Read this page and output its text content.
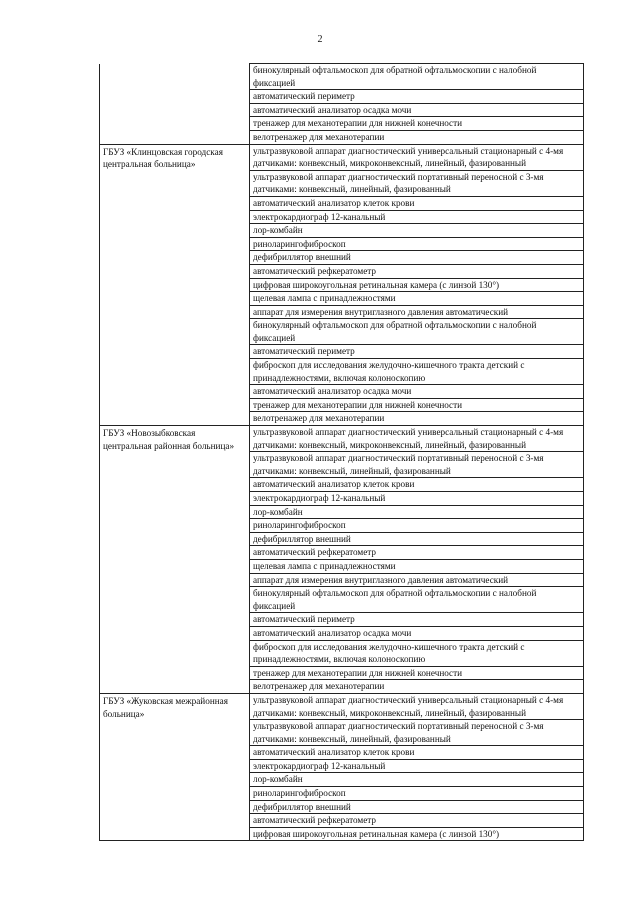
2
	бинокулярный офтальмоскоп для обратной офтальмоскопии с налобной фиксацией
	автоматический периметр
	автоматический анализатор осадка мочи
	тренажер для механотерапии для нижней конечности
	велотренажер для механотерапии
ГБУЗ «Клинцовская городская центральная больница»	ультразвуковой аппарат диагностический универсальный стационарный с 4-мя датчиками: конвексный, микроконвексный, линейный, фазированный
	ультразвуковой аппарат диагностический портативный переносной с 3-мя датчиками: конвексный, линейный, фазированный
	автоматический анализатор клеток крови
	электрокардиограф 12-канальный
	лор-комбайн
	риноларингофиброскоп
	дефибриллятор внешний
	автоматический рефкератометр
	цифровая широкоугольная ретинальная камера (с линзой 130°)
	щелевая лампа с принадлежностями
	аппарат для измерения внутриглазного давления автоматический
	бинокулярный офтальмоскоп для обратной офтальмоскопии с налобной фиксацией
	автоматический периметр
	фиброскоп для исследования желудочно-кишечного тракта детский с принадлежностями, включая колоноскопию
	автоматический анализатор осадка мочи
	тренажер для механотерапии для нижней конечности
	велотренажер для механотерапии
ГБУЗ «Новозыбковская центральная районная больница»	ультразвуковой аппарат диагностический универсальный стационарный с 4-мя датчиками: конвексный, микроконвексный, линейный, фазированный
	ультразвуковой аппарат диагностический портативный переносной с 3-мя датчиками: конвексный, линейный, фазированный
	автоматический анализатор клеток крови
	электрокардиограф 12-канальный
	лор-комбайн
	риноларингофиброскоп
	дефибриллятор внешний
	автоматический рефкератометр
	щелевая лампа с принадлежностями
	аппарат для измерения внутриглазного давления автоматический
	бинокулярный офтальмоскоп для обратной офтальмоскопии с налобной фиксацией
	автоматический периметр
	автоматический анализатор осадка мочи
	фиброскоп для исследования желудочно-кишечного тракта детский с принадлежностями, включая колоноскопию
	тренажер для механотерапии для нижней конечности
	велотренажер для механотерапии
ГБУЗ «Жуковская межрайонная больница»	ультразвуковой аппарат диагностический универсальный стационарный с 4-мя датчиками: конвексный, микроконвексный, линейный, фазированный
	ультразвуковой аппарат диагностический портативный переносной с 3-мя датчиками: конвексный, линейный, фазированный
	автоматический анализатор клеток крови
	электрокардиограф 12-канальный
	лор-комбайн
	риноларингофиброскоп
	дефибриллятор внешний
	автоматический рефкератометр
	цифровая широкоугольная ретинальная камера (с линзой 130°)
